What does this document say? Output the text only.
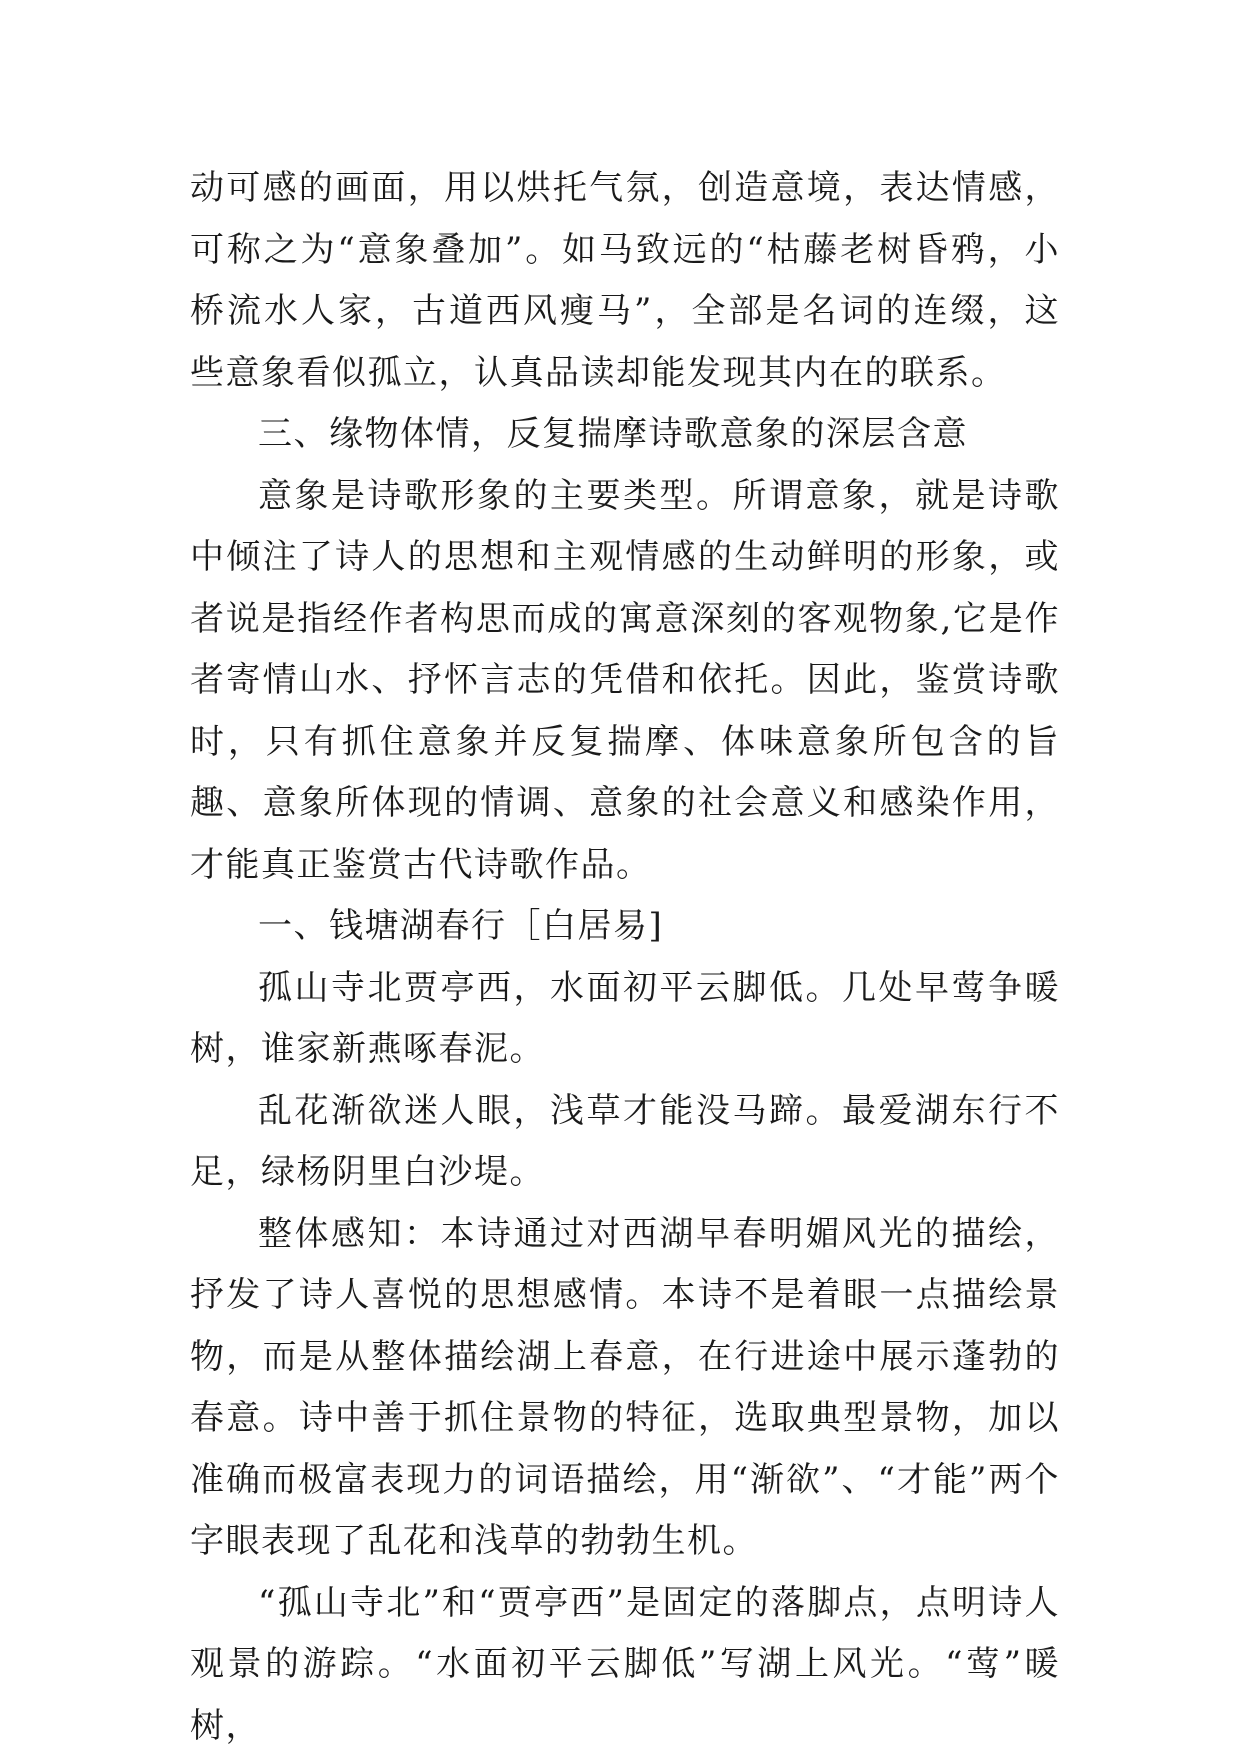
动可感的画面，用以烘托气氛，创造意境，表达情感，可称之为“意象叠加”。如马致远的“枯藤老树昏鸦，小桥流水人家，古道西风瘦马”，全部是名词的连缀，这些意象看似孤立，认真品读却能发现其内在的联系。

三、缘物体情，反复揣摩诗歌意象的深层含意

意象是诗歌形象的主要类型。所谓意象，就是诗歌中倾注了诗人的思想和主观情感的生动鲜明的形象，或者说是指经作者构思而成的寓意深刻的客观物象,它是作者寄情山水、抒怀言志的凭借和依托。因此，鉴赏诗歌时，只有抓住意象并反复揣摩、体味意象所包含的旨趣、意象所体现的情调、意象的社会意义和感染作用，才能真正鉴赏古代诗歌作品。

一、钱塘湖春行［白居易]

孤山寺北贾亭西，水面初平云脚低。几处早莺争暖树，谁家新燕啄春泥。

乱花渐欲迷人眼，浅草才能没马蹄。最爱湖东行不足，绿杨阴里白沙堤。

整体感知：本诗通过对西湖早春明媚风光的描绘，抒发了诗人喜悦的思想感情。本诗不是着眼一点描绘景物，而是从整体描绘湖上春意，在行进途中展示蓬勃的春意。诗中善于抓住景物的特征，选取典型景物，加以准确而极富表现力的词语描绘，用“渐欲”、“才能”两个字眼表现了乱花和浅草的勃勃生机。

“孤山寺北”和“贾亭西”是固定的落脚点，点明诗人观景的游踪。“水面初平云脚低”写湖上风光。“莺”暖树，
